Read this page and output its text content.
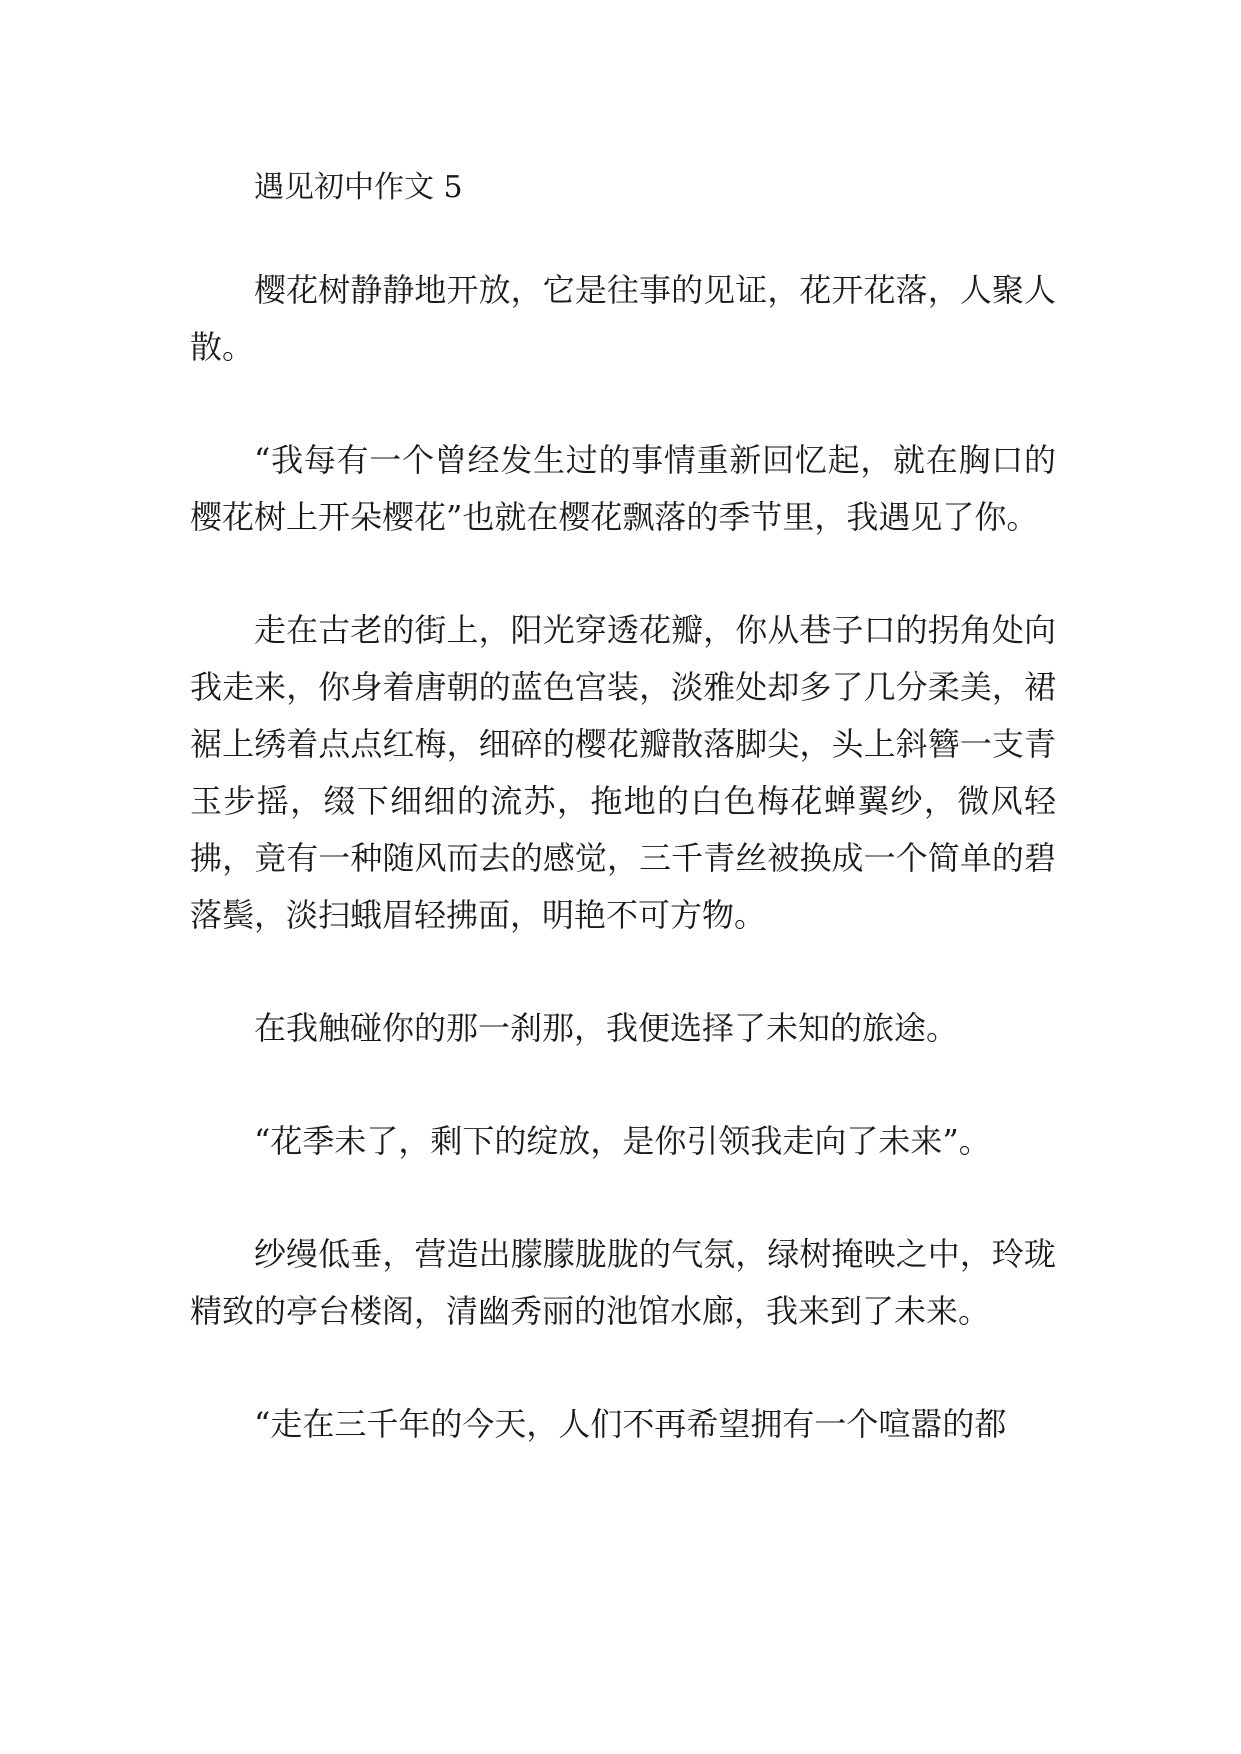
遇见初中作文 5

樱花树静静地开放，它是往事的见证，花开花落，人聚人散。

“我每有一个曾经发生过的事情重新回忆起，就在胸口的樱花树上开朵樱花”也就在樱花飘落的季节里，我遇见了你。

走在古老的街上，阳光穿透花瓣，你从巷子口的拐角处向我走来，你身着唐朝的蓝色宫装，淡雅处却多了几分柔美，裙裾上绣着点点红梅，细碎的樱花瓣散落脚尖，头上斜簪一支青玉步摇，缀下细细的流苏，拖地的白色梅花蝉翼纱，微风轻拂，竟有一种随风而去的感觉，三千青丝被换成一个简单的碧落鬓，淡扫蛾眉轻拂面，明艳不可方物。

在我触碰你的那一刹那，我便选择了未知的旅途。

“花季未了，剩下的绽放，是你引领我走向了未来”。

纱缦低垂，营造出朦朦胧胧的气氛，绿树掩映之中，玲珑精致的亭台楼阁，清幽秀丽的池馆水廊，我来到了未来。

“走在三千年的今天，人们不再希望拥有一个喧嚣的都
